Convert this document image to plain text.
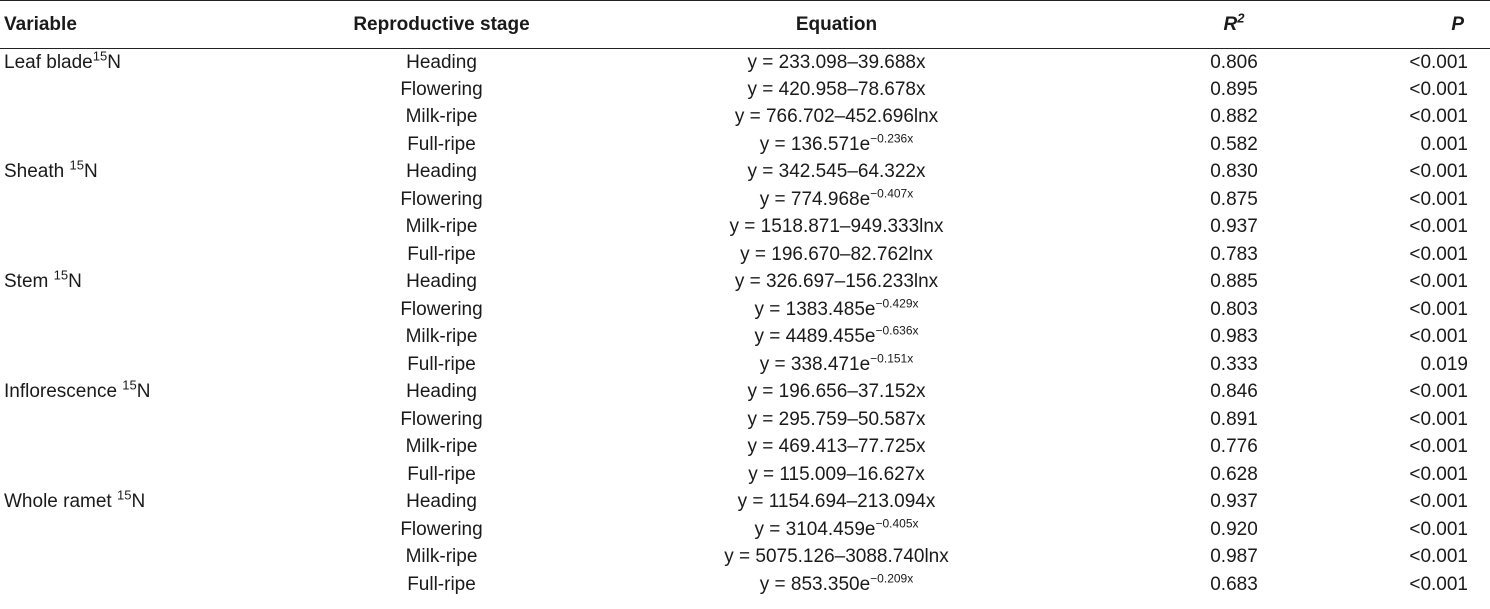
Variable	Reproductive stage	Equation	$R^2$	P
Leaf blade$^{15}$N	Heading	y = 233.098–39.688x	0.806	<0.001
	Flowering	y = 420.958–78.678x	0.895	<0.001
	Milk-ripe	y = 766.702–452.696lnx	0.882	<0.001
	Full-ripe	$y = 136.571e^{-0.236x}$	0.582	0.001
Sheath $^{15}$N	Heading	y = 342.545–64.322x	0.830	<0.001
	Flowering	$y = 774.968e^{-0.407x}$	0.875	<0.001
	Milk-ripe	y = 1518.871–949.333lnx	0.937	<0.001
	Full-ripe	y = 196.670–82.762lnx	0.783	<0.001
Stem $^{15}$N	Heading	y = 326.697–156.233lnx	0.885	<0.001
	Flowering	$y = 1383.485e^{-0.429x}$	0.803	<0.001
	Milk-ripe	$y = 4489.455e^{-0.636x}$	0.983	<0.001
	Full-ripe	$y = 338.471e^{-0.151x}$	0.333	0.019
Inflorescence $^{15}$N	Heading	y = 196.656–37.152x	0.846	<0.001
	Flowering	y = 295.759–50.587x	0.891	<0.001
	Milk-ripe	y = 469.413–77.725x	0.776	<0.001
	Full-ripe	y = 115.009–16.627x	0.628	<0.001
Whole ramet $^{15}$N	Heading	y = 1154.694–213.094x	0.937	<0.001
	Flowering	$y = 3104.459e^{-0.405x}$	0.920	<0.001
	Milk-ripe	y = 5075.126–3088.740lnx	0.987	<0.001
	Full-ripe	$y = 853.350e^{-0.209x}$	0.683	<0.001
